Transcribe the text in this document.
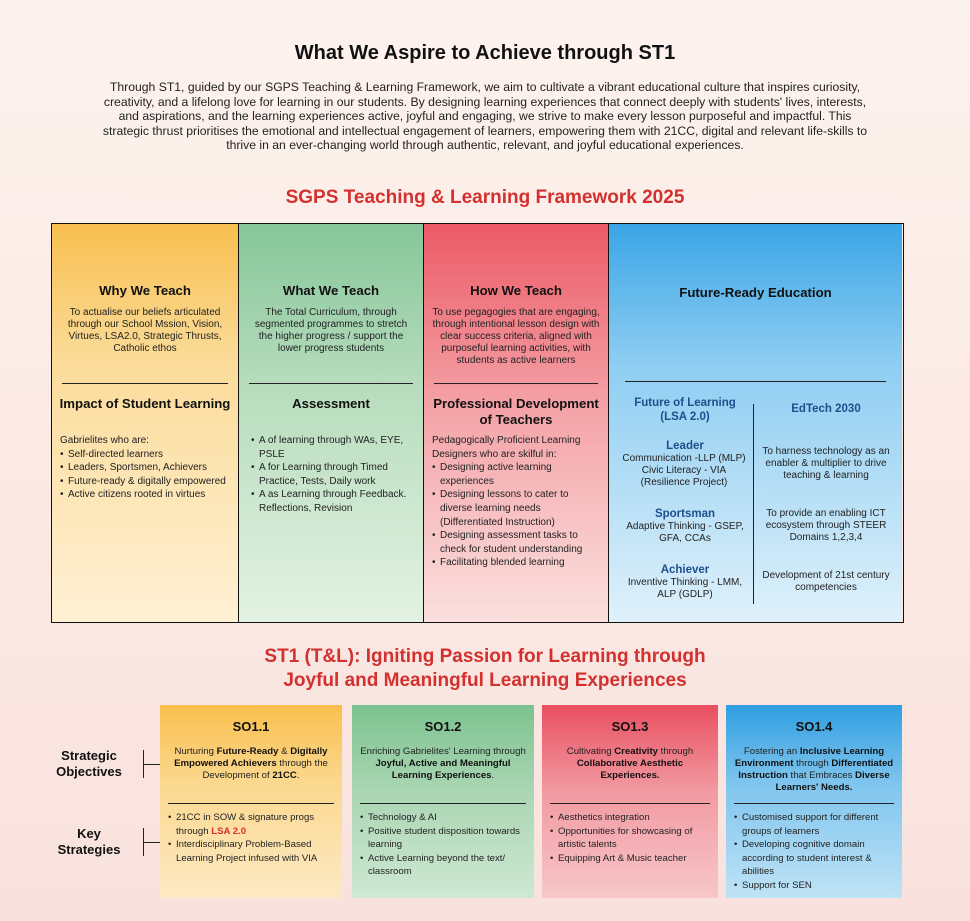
What We Aspire to Achieve through ST1
Through ST1, guided by our SGPS Teaching & Learning Framework, we aim to cultivate a vibrant educational culture that inspires curiosity, creativity, and a lifelong love for learning in our students. By designing learning experiences that connect deeply with students' lives, interests, and aspirations, and the learning experiences active, joyful and engaging, we strive to make every lesson purposeful and impactful. This strategic thrust prioritises the emotional and intellectual engagement of learners, empowering them with 21CC, digital and relevant life-skills to thrive in an ever-changing world through authentic, relevant, and joyful educational experiences.
SGPS Teaching & Learning Framework 2025
Why We Teach
To actualise our beliefs articulated through our School Mssion, Vision, Virtues, LSA2.0, Strategic Thrusts, Catholic ethos
Impact of Student Learning
Gabrielites who are:
• Self-directed learners
• Leaders, Sportsmen, Achievers
• Future-ready & digitally empowered
• Active citizens rooted in virtues
What We Teach
The Total Curriculum, through segmented programmes to stretch the higher progress / support the lower progress students
Assessment
• A of learning through WAs, EYE, PSLE
• A for Learning through Timed Practice, Tests, Daily work
• A as Learning through Feedback. Reflections, Revision
How We Teach
To use pegagogies that are engaging, through intentional lesson design with clear success criteria, aligned with purposeful learning activities, with students as active learners
Professional Development of Teachers
Pedagogically Proficient Learning Designers who are skilful in:
• Designing active learning experiences
• Designing lessons to cater to diverse learning needs (Differentiated Instruction)
• Designing assessment tasks to check for student understanding
• Facilitating blended learning
Future-Ready Education
Future of Learning (LSA 2.0)
Leader
Communication -LLP (MLP) Civic Literacy - VIA (Resilience Project)
Sportsman
Adaptive Thinking - GSEP, GFA, CCAs
Achiever
Inventive Thinking - LMM, ALP (GDLP)
EdTech 2030
To harness technology as an enabler & multiplier to drive teaching & learning
To provide an enabling ICT ecosystem through STEER Domains 1,2,3,4
Development of 21st century competencies
ST1 (T&L): Igniting Passion for Learning through
Joyful and Meaningful Learning Experiences
Strategic Objectives
Key Strategies
SO1.1
Nurturing Future-Ready & Digitally Empowered Achievers through the Development of 21CC.
• 21CC in SOW & signature progs through LSA 2.0
• Interdisciplinary Problem-Based Learning Project infused with VIA
SO1.2
Enriching Gabrielites' Learning through Joyful, Active and Meaningful Learning Experiences.
• Technology & AI
• Positive student disposition towards learning
• Active Learning beyond the text/ classroom
SO1.3
Cultivating Creativity through Collaborative Aesthetic Experiences.
• Aesthetics integration
• Opportunities for showcasing of artistic talents
• Equipping Art & Music teacher
SO1.4
Fostering an Inclusive Learning Environment through Differentiated Instruction that Embraces Diverse Learners' Needs.
• Customised support for different groups of learners
• Developing cognitive domain according to student interest & abilities
• Support for SEN
